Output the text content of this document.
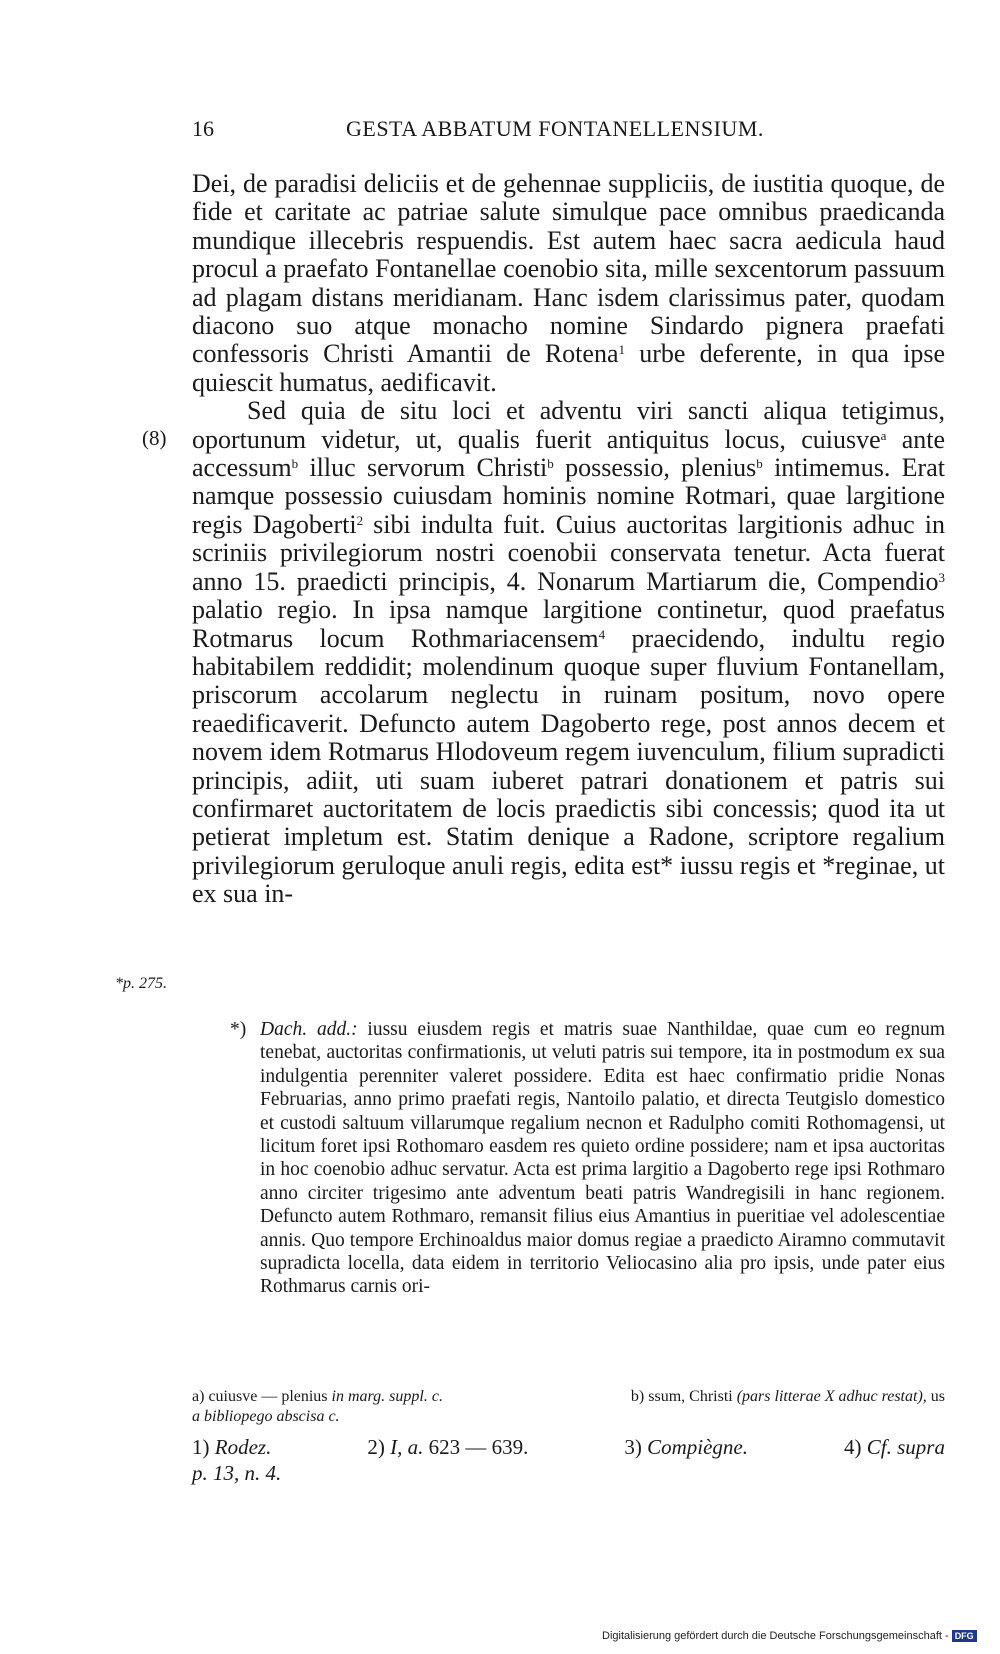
16	GESTA ABBATUM FONTANELLENSIUM.
(8)
*p. 275.

Dei, de paradisi deliciis et de gehennae suppliciis, de iustitia quoque, de fide et caritate ac patriae salute simulque pace omnibus praedicanda mundique illecebris respuendis. Est autem haec sacra aedicula haud procul a praefato Fontanellae coenobio sita, mille sexcentorum passuum ad plagam distans meridianam. Hanc isdem clarissimus pater, quodam diacono suo atque monacho nomine Sindardo pignera praefati confessoris Christi Amantii de Rotena$^1$ urbe deferente, in qua ipse quiescit humatus, aedificavit.

Sed quia de situ loci et adventu viri sancti aliqua tetigimus, oportunum videtur, ut, qualis fuerit antiquitus locus, cuiusve$^a$ ante accessum$^b$ illuc servorum Christi$^b$ possessio, plenius$^b$ intimemus. Erat namque possessio cuiusdam hominis nomine Rotmari, quae largitione regis Dagoberti$^2$ sibi indulta fuit. Cuius auctoritas largitionis adhuc in scriniis privilegiorum nostri coenobii conservata tenetur. Acta fuerat anno 15. praedicti principis, 4. Nonarum Martiarum die, Compendio$^3$ palatio regio. In ipsa namque largitione continetur, quod praefatus Rotmarus locum Rothmariacensem$^4$ praecidendo, indultu regio habitabilem reddidit; molendinum quoque super fluvium Fontanellam, priscorum accolarum neglectu in ruinam positum, novo opere reaedificaverit. Defuncto autem Dagoberto rege, post annos decem et novem idem Rotmarus Hlodoveum regem iuvenculum, filium supradicti principis, adiit, uti suam iuberet patrari donationem et patris sui confirmaret auctoritatem de locis praedictis sibi concessis; quod ita ut petierat impletum est. Statim denique a Radone, scriptore regalium privilegiorum geruloque anuli regis, edita est* iussu regis et *reginae, ut ex sua in-

*) Dach. add.: iussu eiusdem regis et matris suae Nanthildae, quae cum eo regnum tenebat, auctoritas confirmationis, ut veluti patris sui tempore, ita in postmodum ex sua indulgentia perenniter valeret possidere. Edita est haec confirmatio pridie Nonas Februarias, anno primo praefati regis, Nantoilo palatio, et directa Teutgislo domestico et custodi saltuum villarumque regalium necnon et Radulpho comiti Rothomagensi, ut licitum foret ipsi Rothomaro easdem res quieto ordine possidere; nam et ipsa auctoritas in hoc coenobio adhuc servatur. Acta est prima largitio a Dagoberto rege ipsi Rothmaro anno circiter trigesimo ante adventum beati patris Wandregisili in hanc regionem. Defuncto autem Rothmaro, remansit filius eius Amantius in pueritiae vel adolescentiae annis. Quo tempore Erchinoaldus maior domus regiae a praedicto Airamno commutavit supradicta locella, data eidem in territorio Veliocasino alia pro ipsis, unde pater eius Rothmarus carnis ori-
a) cuiusve — plenius in marg. suppl. c.	b) ssum, Christi (pars litterae X adhuc restat), us
a bibliopego abscisa c.
1) Rodez.	2) I, a. 623 — 639.	3) Compiègne.	4) Cf. supra
p. 13, n. 4.
Digitalisierung gefördert durch die Deutsche Forschungsgemeinschaft - DFG
